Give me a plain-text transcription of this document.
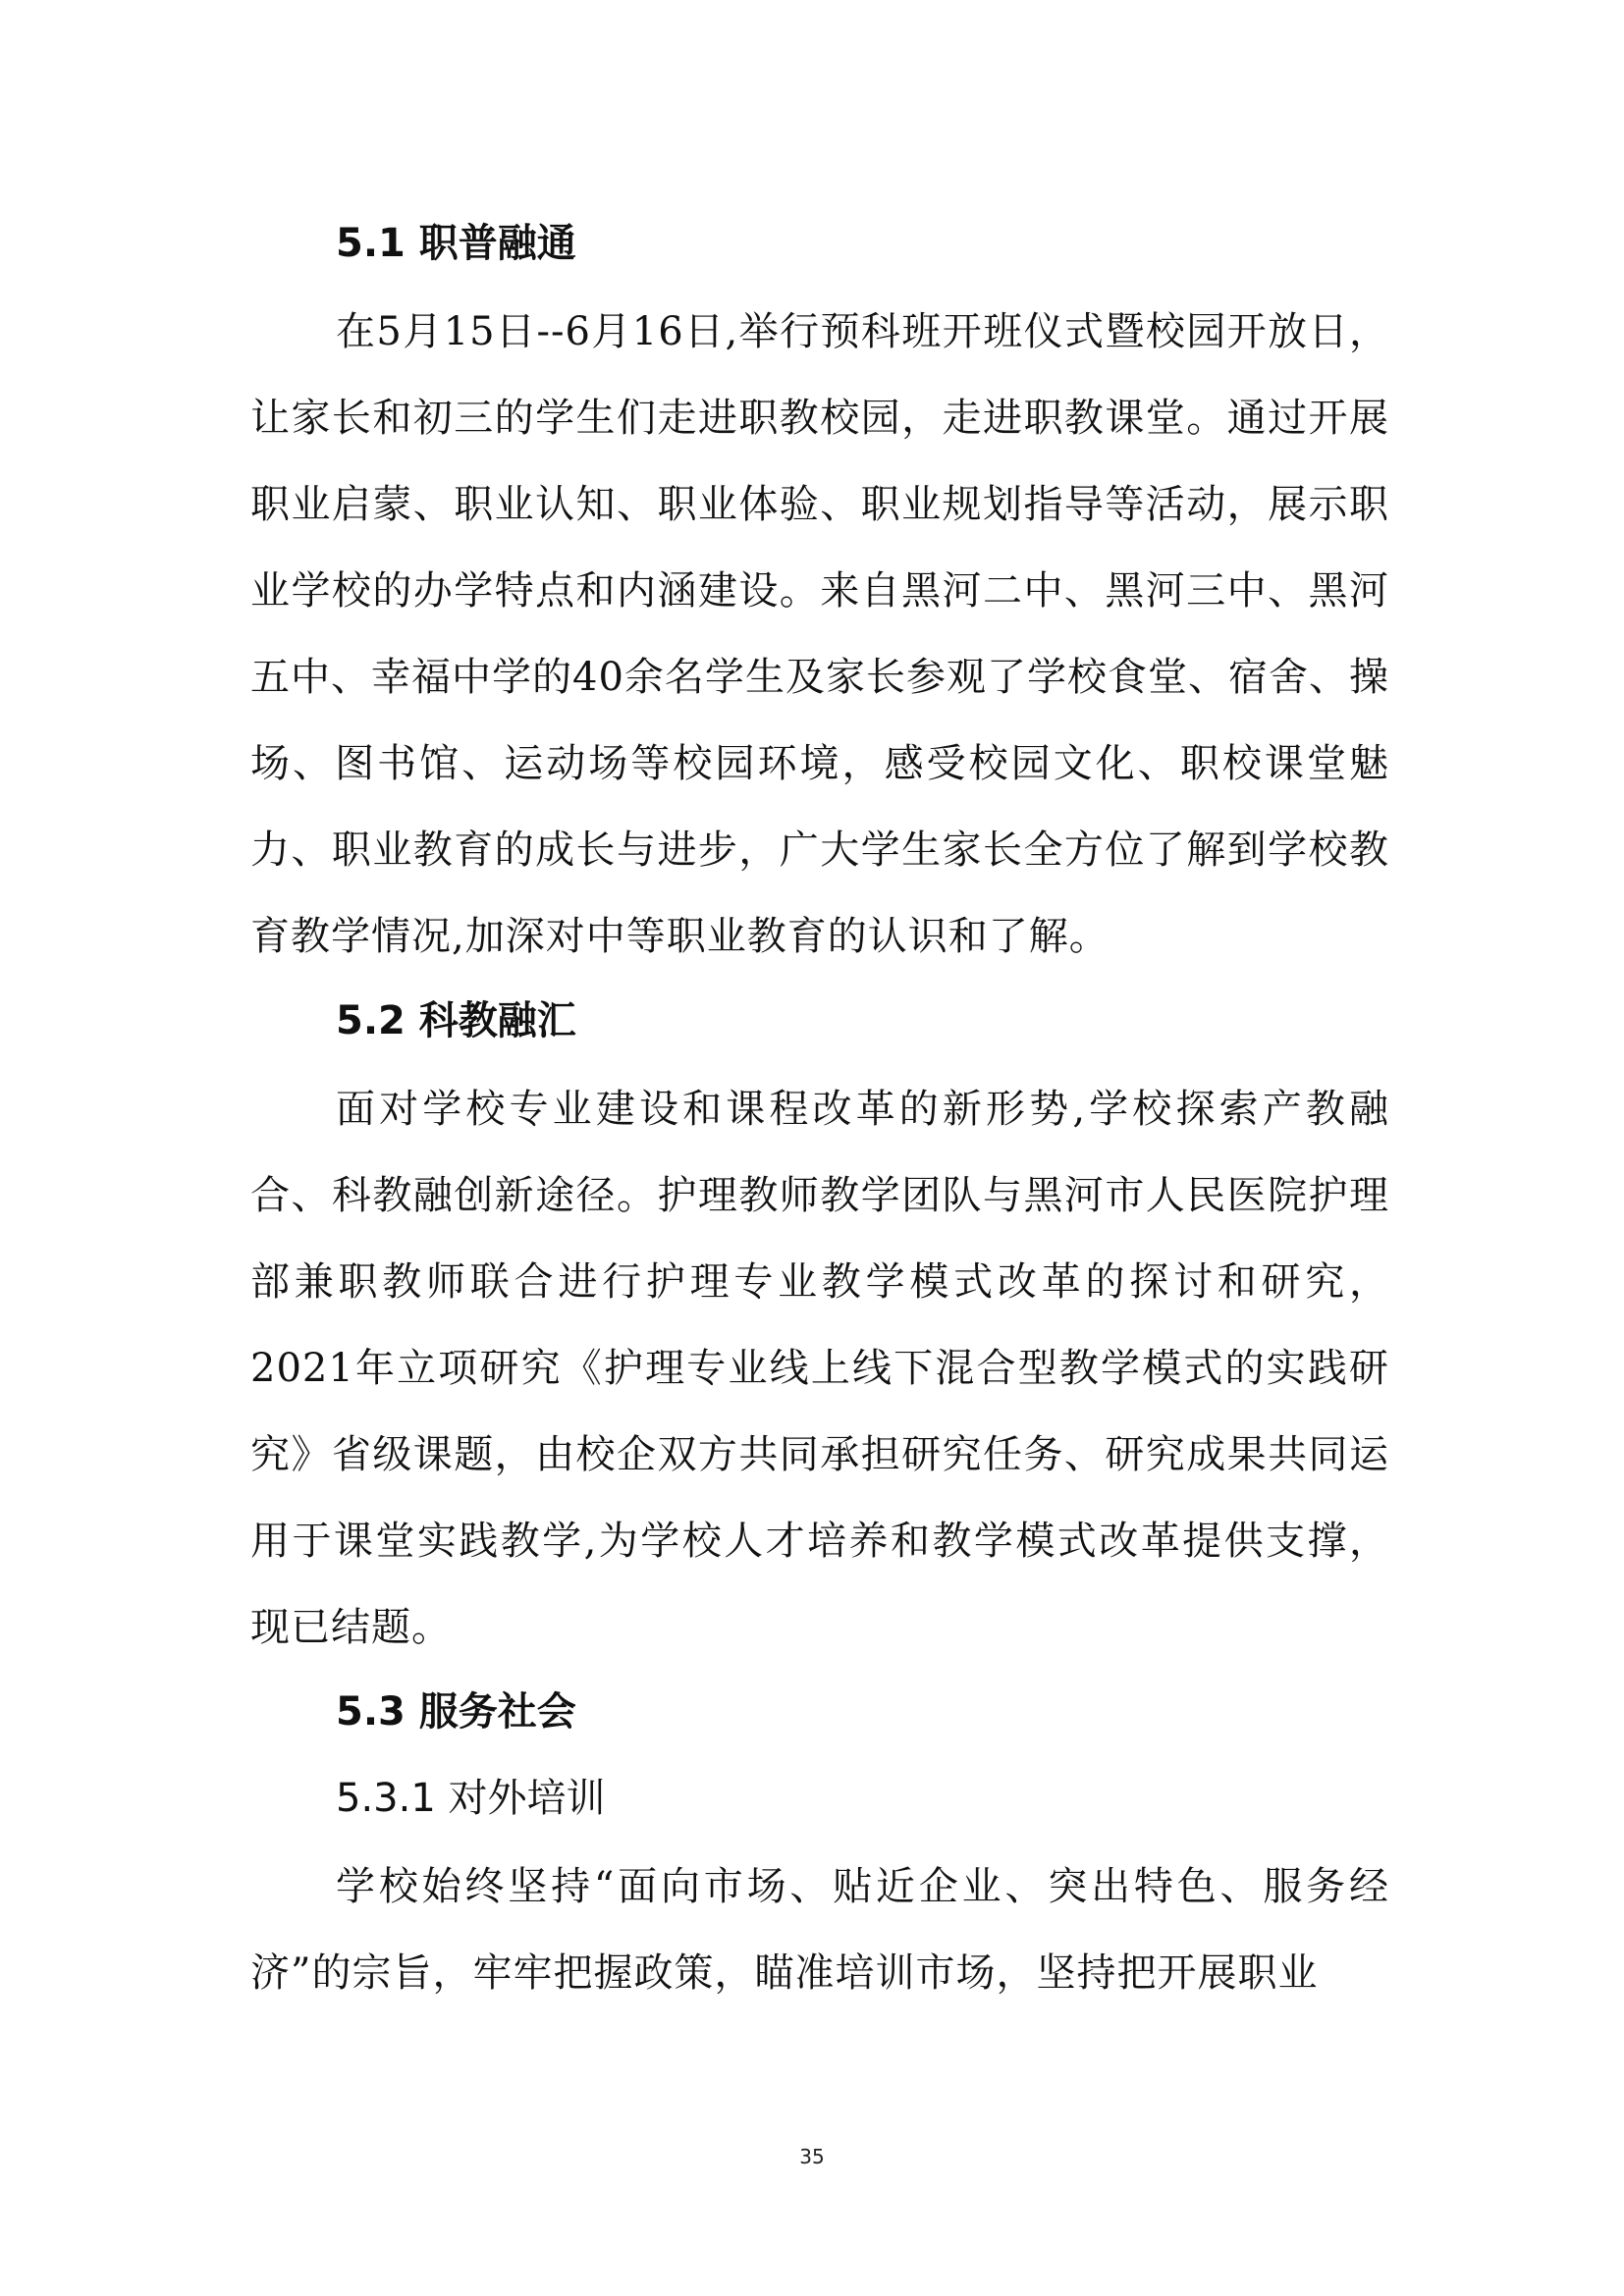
5.1 职普融通

在5月15日--6月16日,举行预科班开班仪式暨校园开放日，让家长和初三的学生们走进职教校园，走进职教课堂。通过开展职业启蒙、职业认知、职业体验、职业规划指导等活动，展示职业学校的办学特点和内涵建设。来自黑河二中、黑河三中、黑河五中、幸福中学的40余名学生及家长参观了学校食堂、宿舍、操场、图书馆、运动场等校园环境，感受校园文化、职校课堂魅力、职业教育的成长与进步，广大学生家长全方位了解到学校教育教学情况,加深对中等职业教育的认识和了解。

5.2 科教融汇

面对学校专业建设和课程改革的新形势,学校探索产教融合、科教融创新途径。护理教师教学团队与黑河市人民医院护理部兼职教师联合进行护理专业教学模式改革的探讨和研究，2021年立项研究《护理专业线上线下混合型教学模式的实践研究》省级课题，由校企双方共同承担研究任务、研究成果共同运用于课堂实践教学,为学校人才培养和教学模式改革提供支撑，现已结题。

5.3 服务社会
5.3.1 对外培训

学校始终坚持“面向市场、贴近企业、突出特色、服务经济”的宗旨，牢牢把握政策，瞄准培训市场，坚持把开展职业

35
